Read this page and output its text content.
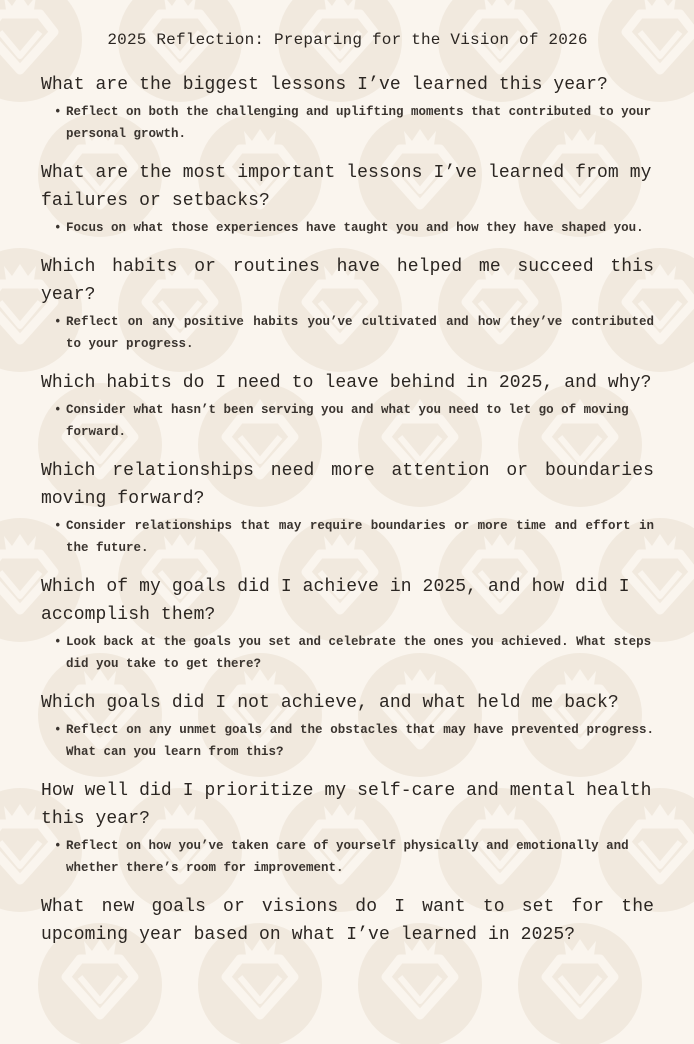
2025 Reflection: Preparing for the Vision of 2026

What are the biggest lessons I’ve learned this year?

• Reflect on both the challenging and uplifting moments that contributed to your personal growth.

What are the most important lessons I’ve learned from my failures or setbacks?

• Focus on what those experiences have taught you and how they have shaped you.

Which habits or routines have helped me succeed this year?

• Reflect on any positive habits you’ve cultivated and how they’ve contributed to your progress.

Which habits do I need to leave behind in 2025, and why?

• Consider what hasn’t been serving you and what you need to let go of moving forward.

Which relationships need more attention or boundaries moving forward?

• Consider relationships that may require boundaries or more time and effort in the future.

Which of my goals did I achieve in 2025, and how did I accomplish them?

• Look back at the goals you set and celebrate the ones you achieved. What steps did you take to get there?

Which goals did I not achieve, and what held me back?

• Reflect on any unmet goals and the obstacles that may have prevented progress. What can you learn from this?

How well did I prioritize my self-care and mental health this year?

• Reflect on how you’ve taken care of yourself physically and emotionally and whether there’s room for improvement.

What new goals or visions do I want to set for the upcoming year based on what I’ve learned in 2025?
